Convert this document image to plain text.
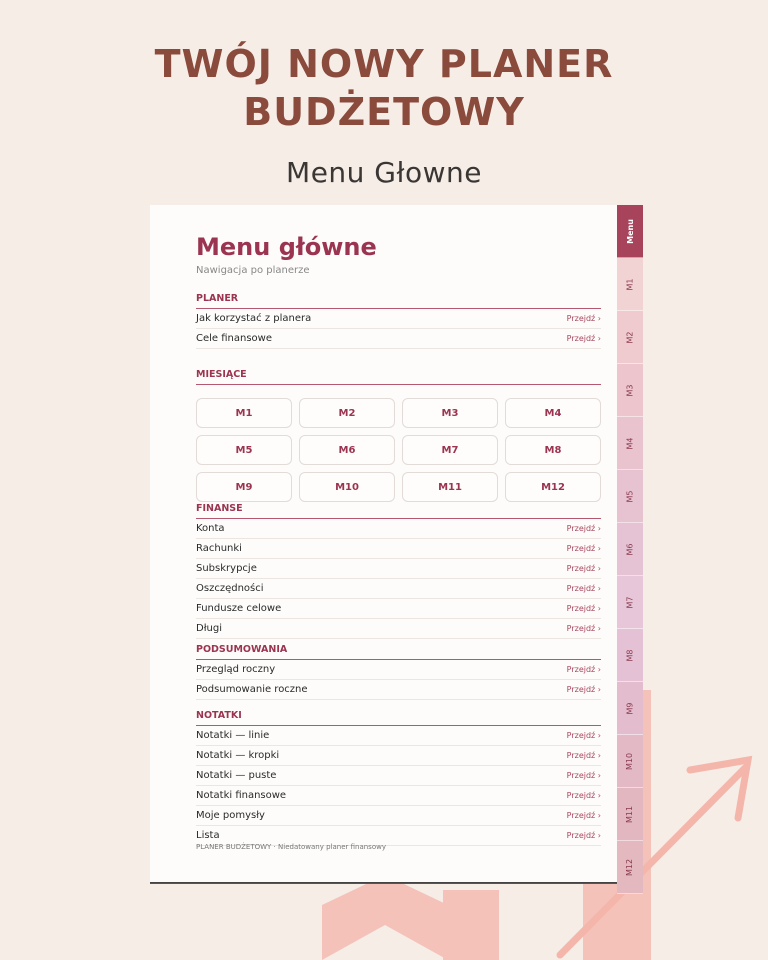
TWÓJ NOWY PLANER
BUDŻETOWY
Menu Głowne
Menu główne
Nawigacja po planerze
PLANER
Jak korzystać z planera	Przejdź ›
Cele finansowe	Przejdź ›
MIESIĄCE
M1	M2	M3	M4
M5	M6	M7	M8
M9	M10	M11	M12
FINANSE
Konta	Przejdź ›
Rachunki	Przejdź ›
Subskrypcje	Przejdź ›
Oszczędności	Przejdź ›
Fundusze celowe	Przejdź ›
Długi	Przejdź ›
PODSUMOWANIA
Przegląd roczny	Przejdź ›
Podsumowanie roczne	Przejdź ›
NOTATKI
Notatki — linie	Przejdź ›
Notatki — kropki	Przejdź ›
Notatki — puste	Przejdź ›
Notatki finansowe	Przejdź ›
Moje pomysły	Przejdź ›
Lista	Przejdź ›
PLANER BUDŻETOWY · Niedatowany planer finansowy
Menu
M1
M2
M3
M4
M5
M6
M7
M8
M9
M10
M11
M12
